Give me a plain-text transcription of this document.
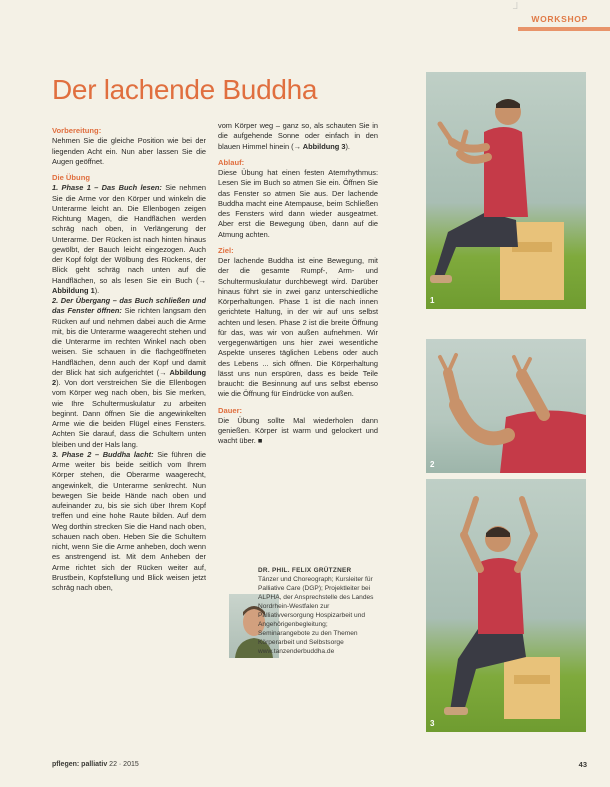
┘
WORKSHOP
Der lachende Buddha
Vorbereitung:

Nehmen Sie die gleiche Position wie bei der liegenden Acht ein. Nun aber lassen Sie die Augen geöffnet.

Die Übung

1. Phase 1 – Das Buch lesen: Sie nehmen Sie die Arme vor den Körper und winkeln die Unterarme leicht an. Die Ellenbogen zeigen Richtung Magen, die Handflächen werden schräg nach oben, in Verlängerung der Unterarme. Der Rücken ist nach hinten hinaus gewölbt, der Bauch leicht eingezogen. Auch der Kopf folgt der Wölbung des Rückens, der Blick geht schräg nach unten auf die Handflächen, so als lesen Sie ein Buch (→ Abbildung 1).

2. Der Übergang – das Buch schließen und das Fenster öffnen: Sie richten langsam den Rücken auf und nehmen dabei auch die Arme mit, bis die Unterarme waagerecht stehen und die Unterarme im rechten Winkel nach oben weisen. Sie schauen in die flachgeöffneten Handflächen, denn auch der Kopf und damit der Blick hat sich aufgerichtet (→ Abbildung 2). Von dort verstreichen Sie die Ellenbogen vom Körper weg nach oben, bis Sie merken, wie Ihre Schultermuskulatur zu arbeiten beginnt. Dann öffnen Sie die angewinkelten Arme wie die beiden Flügel eines Fensters. Achten Sie darauf, dass die Schultern unten bleiben und der Hals lang.

3. Phase 2 – Buddha lacht: Sie führen die Arme weiter bis beide seitlich vom Ihrem Körper stehen, die Oberarme waagerecht, angewinkelt, die Unterarme senkrecht. Nun bewegen Sie beide Hände nach oben und aufeinander zu, bis sie sich über Ihrem Kopf treffen und eine hohe Raute bilden. Auf dem Weg dorthin strecken Sie die Hand nach oben, schauen nach oben. Heben Sie die Schultern nicht, wenn Sie die Arme anheben, doch wenn es anstrengend ist. Mit dem Anheben der Arme richtet sich der Rücken weiter auf, Brustbein, Kopfstellung und Blick weisen jetzt schräg nach oben,

vom Körper weg – ganz so, als schauten Sie in die aufgehende Sonne oder einfach in den blauen Himmel hinein (→ Abbildung 3).

Ablauf:

Diese Übung hat einen festen Atemrhythmus: Lesen Sie im Buch so atmen Sie ein. Öffnen Sie das Fenster so atmen Sie aus. Der lachende Buddha macht eine Atempause, beim Schließen des Fensters wird dann wieder ausgeatmet. Aber erst die Bewegung üben, dann auf die Atmung achten.

Ziel:

Der lachende Buddha ist eine Bewegung, mit der die gesamte Rumpf-, Arm- und Schultermuskulatur durchbewegt wird. Darüber hinaus führt sie in zwei ganz unterschiedliche Körperhaltungen. Phase 1 ist die nach innen gerichtete Haltung, in der wir auf uns selbst achten und lesen. Phase 2 ist die breite Öffnung für das, was wir von außen aufnehmen. Wir vergegenwärtigen uns hier zwei wesentliche Aspekte unseres täglichen Lebens oder auch des Lebens ... sich öffnen. Die Körperhaltung lässt uns nun erspüren, dass es beide Teile braucht: die Besinnung auf uns selbst ebenso wie die Öffnung für Eindrücke von außen.

Dauer:

Die Übung sollte Mal wiederholen dann genießen. Körper ist warm und gelockert und wacht über. ■

1
2
3
DR. PHIL. FELIX GRÜTZNER
Tänzer und Choreograph; Kursleiter für Palliative Care (DGP); Projektleiter bei ALPHA, der Ansprechstelle des Landes Nordrhein-Westfalen zur Palliativversorgung Hospizarbeit und Angehörigenbegleitung; Seminarangebote zu den Themen Körperarbeit und Selbstsorge www.tanzenderbuddha.de
pflegen: palliativ 22 · 2015	43
